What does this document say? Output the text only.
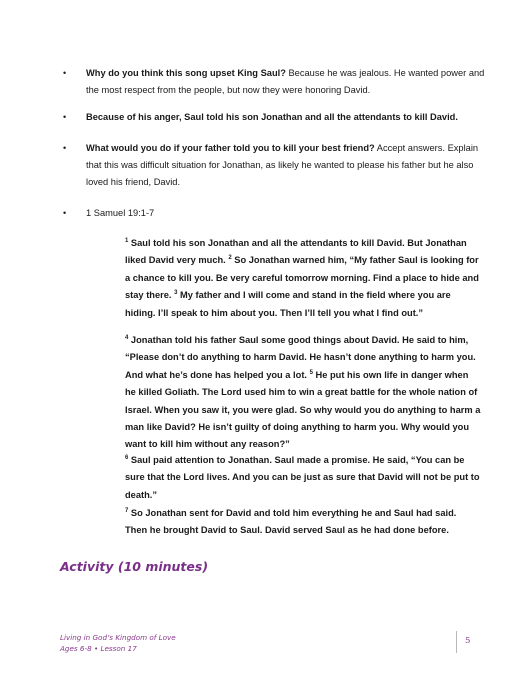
• Why do you think this song upset King Saul? Because he was jealous. He wanted power and the most respect from the people, but now they were honoring David.
• Because of his anger, Saul told his son Jonathan and all the attendants to kill David.
• What would you do if your father told you to kill your best friend? Accept answers. Explain that this was difficult situation for Jonathan, as likely he wanted to please his father but he also loved his friend, David.
• 1 Samuel 19:1-7

$^1$ Saul told his son Jonathan and all the attendants to kill David. But Jonathan liked David very much. $^2$ So Jonathan warned him, “My father Saul is looking for a chance to kill you. Be very careful tomorrow morning. Find a place to hide and stay there. $^3$ My father and I will come and stand in the field where you are hiding. I’ll speak to him about you. Then I’ll tell you what I find out.”

$^4$ Jonathan told his father Saul some good things about David. He said to him, “Please don’t do anything to harm David. He hasn’t done anything to harm you. And what he’s done has helped you a lot. $^5$ He put his own life in danger when he killed Goliath. The Lord used him to win a great battle for the whole nation of Israel. When you saw it, you were glad. So why would you do anything to harm a man like David? He isn’t guilty of doing anything to harm you. Why would you want to kill him without any reason?”

$^6$ Saul paid attention to Jonathan. Saul made a promise. He said, “You can be sure that the Lord lives. And you can be just as sure that David will not be put to death.”

$^7$ So Jonathan sent for David and told him everything he and Saul had said. Then he brought David to Saul. David served Saul as he had done before.

Activity (10 minutes)
Living in God’s Kingdom of Love
Ages 6-8 • Lesson 17
5
